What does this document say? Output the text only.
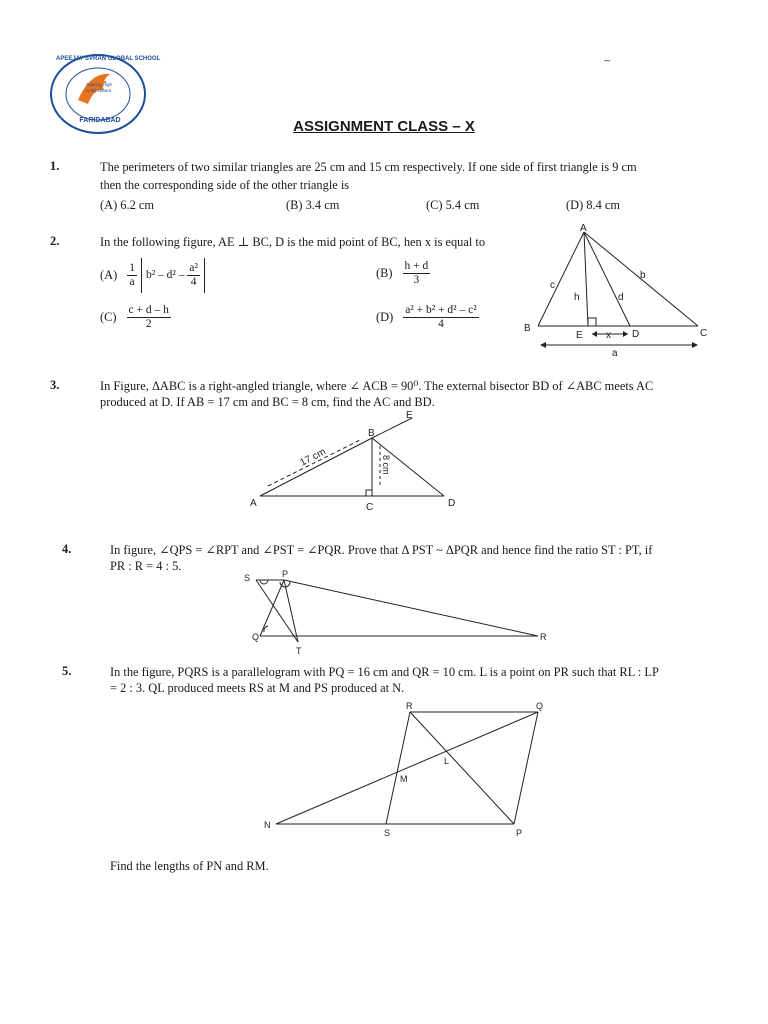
APEEJAY SVRAN GLOBAL SCHOOL
Soaring High is My Nature
FARIDABAD
–
ASSIGNMENT CLASS – X
1.	The perimeters of two similar triangles are 25 cm and 15 cm respectively. If one side of first triangle is 9 cm
then the corresponding side of the other triangle is
(A) 6.2 cm	(B) 3.4 cm	(C) 5.4 cm	(D) 8.4 cm
2.	In the following figure, AE ⊥ BC, D is the mid point of BC, hen x is equal to
$(A) \frac{1}{a} b^2 - d^2 - \frac{\text{a²}}{4}$	$(B) \frac{h + d}{3}$
$(C) \frac{c + d - h}{2}$	$(D) \frac{\text{a² + b² + d² – c²}}{4}$
A
B	C
D
E
b
c
d
h
x
a
3.	In Figure, ΔABC is a right-angled triangle, where ∠ ACB = 90⁰. The external bisector BD of ∠ABC meets AC
produced at D. If AB = 17 cm and BC = 8 cm, find the AC and BD.
A
B
C	D
E
17 cm	8 cm
4.	In figure, ∠QPS = ∠RPT and ∠PST = ∠PQR. Prove that Δ PST ~ ΔPQR and hence find the ratio ST : PT, if
PR : R = 4 : 5.
S	P
Q
T
R
5.	In the figure, PQRS is a parallelogram with PQ = 16 cm and QR = 10 cm. L is a point on PR such that RL : LP
= 2 : 3. QL produced meets RS at M and PS produced at N.
R	Q
L
M
N
S	P
Find the lengths of PN and RM.
